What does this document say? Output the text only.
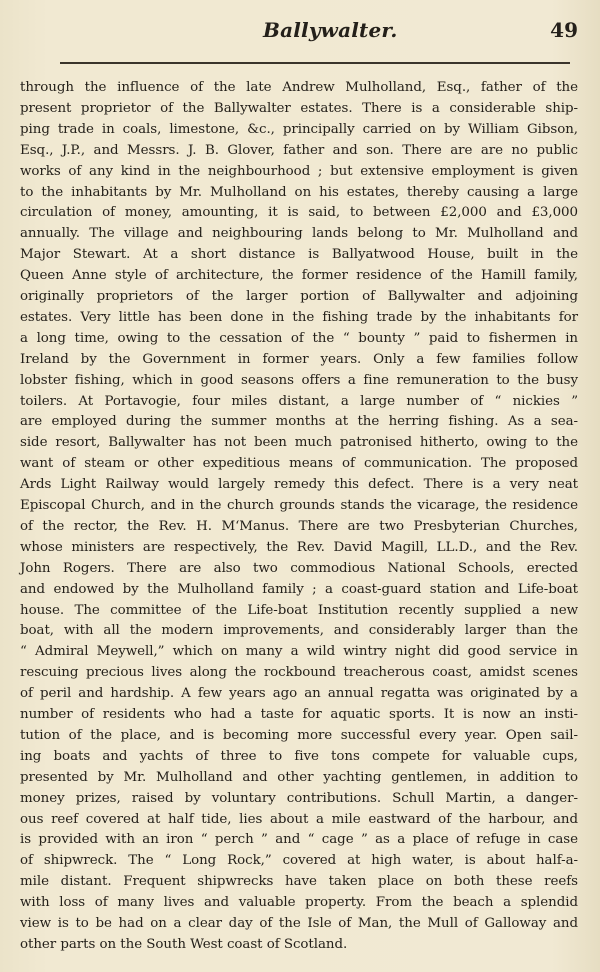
Ballywalter.	49
through the influence of the late Andrew Mulholland, Esq., father of the
present proprietor of the Ballywalter estates. There is a considerable ship-
ping trade in coals, limestone, &c., principally carried on by William Gibson,
Esq., J.P., and Messrs. J. B. Glover, father and son. There are are no public
works of any kind in the neighbourhood ; but extensive employment is given
to the inhabitants by Mr. Mulholland on his estates, thereby causing a large
circulation of money, amounting, it is said, to between £2,000 and £3,000
annually. The village and neighbouring lands belong to Mr. Mulholland and
Major Stewart. At a short distance is Ballyatwood House, built in the
Queen Anne style of architecture, the former residence of the Hamill family,
originally proprietors of the larger portion of Ballywalter and adjoining
estates. Very little has been done in the fishing trade by the inhabitants for
a long time, owing to the cessation of the “ bounty ” paid to fishermen in
Ireland by the Government in former years. Only a few families follow
lobster fishing, which in good seasons offers a fine remuneration to the busy
toilers. At Portavogie, four miles distant, a large number of “ nickies ”
are employed during the summer months at the herring fishing. As a sea-
side resort, Ballywalter has not been much patronised hitherto, owing to the
want of steam or other expeditious means of communication. The proposed
Ards Light Railway would largely remedy this defect. There is a very neat
Episcopal Church, and in the church grounds stands the vicarage, the residence
of the rector, the Rev. H. M‘Manus. There are two Presbyterian Churches,
whose ministers are respectively, the Rev. David Magill, LL.D., and the Rev.
John Rogers. There are also two commodious National Schools, erected
and endowed by the Mulholland family ; a coast-guard station and Life-boat
house. The committee of the Life-boat Institution recently supplied a new
boat, with all the modern improvements, and considerably larger than the
“ Admiral Meywell,” which on many a wild wintry night did good service in
rescuing precious lives along the rockbound treacherous coast, amidst scenes
of peril and hardship. A few years ago an annual regatta was originated by a
number of residents who had a taste for aquatic sports. It is now an insti-
tution of the place, and is becoming more successful every year. Open sail-
ing boats and yachts of three to five tons compete for valuable cups,
presented by Mr. Mulholland and other yachting gentlemen, in addition to
money prizes, raised by voluntary contributions. Schull Martin, a danger-
ous reef covered at half tide, lies about a mile eastward of the harbour, and
is provided with an iron “ perch ” and “ cage ” as a place of refuge in case
of shipwreck. The “ Long Rock,” covered at high water, is about half-a-
mile distant. Frequent shipwrecks have taken place on both these reefs
with loss of many lives and valuable property. From the beach a splendid
view is to be had on a clear day of the Isle of Man, the Mull of Galloway and
other parts on the South West coast of Scotland.
